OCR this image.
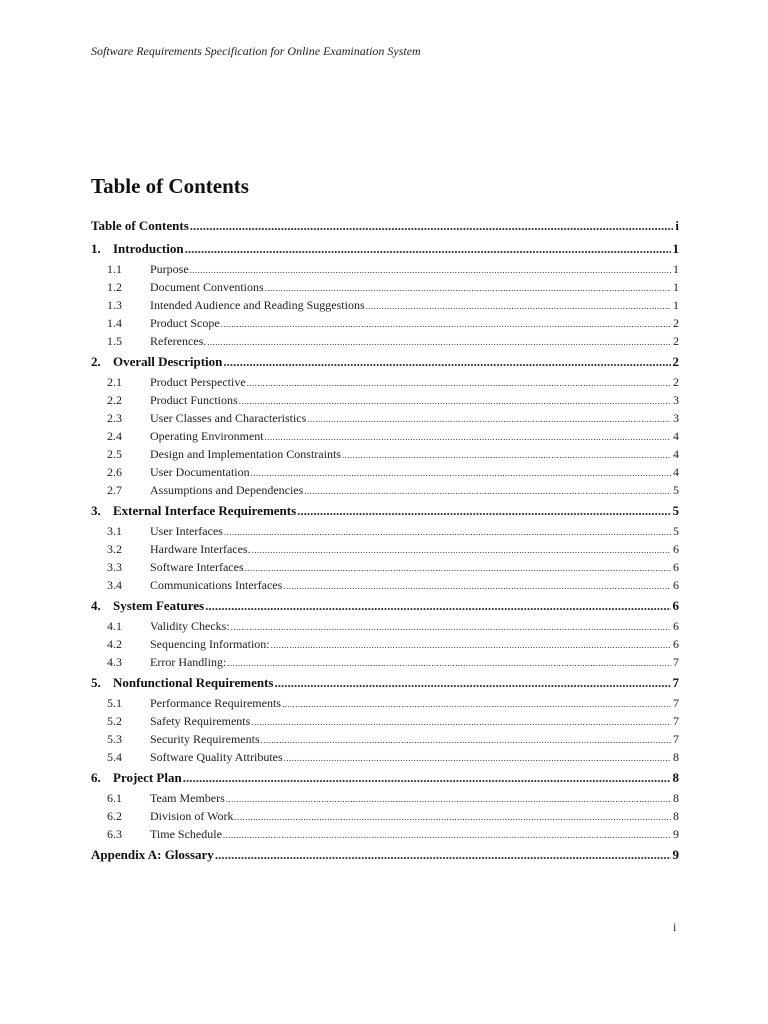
Software Requirements Specification for Online Examination System
Table of Contents
Table of Contents .....	i
1. Introduction .....	1
1.1	Purpose .....	1
1.2	Document Conventions .....	1
1.3	Intended Audience and Reading Suggestions .....	1
1.4	Product Scope .....	2
1.5	References. .....	2
2. Overall Description .....	2
2.1	Product Perspective .....	2
2.2	Product Functions .....	3
2.3	User Classes and Characteristics .....	3
2.4	Operating Environment .....	4
2.5	Design and Implementation Constraints .....	4
2.6	User Documentation .....	4
2.7	Assumptions and Dependencies .....	5
3. External Interface Requirements .....	5
3.1	User Interfaces .....	5
3.2	Hardware Interfaces. .....	6
3.3	Software Interfaces .....	6
3.4	Communications Interfaces .....	6
4. System Features .....	6
4.1	Validity Checks: .....	6
4.2	Sequencing Information: .....	6
4.3	Error Handling: .....	7
5. Nonfunctional Requirements .....	7
5.1	Performance Requirements .....	7
5.2	Safety Requirements .....	7
5.3	Security Requirements .....	7
5.4	Software Quality Attributes .....	8
6. Project Plan .....	8
6.1	Team Members .....	8
6.2	Division of Work .....	8
6.3	Time Schedule .....	9
Appendix A: Glossary .....	9
i
